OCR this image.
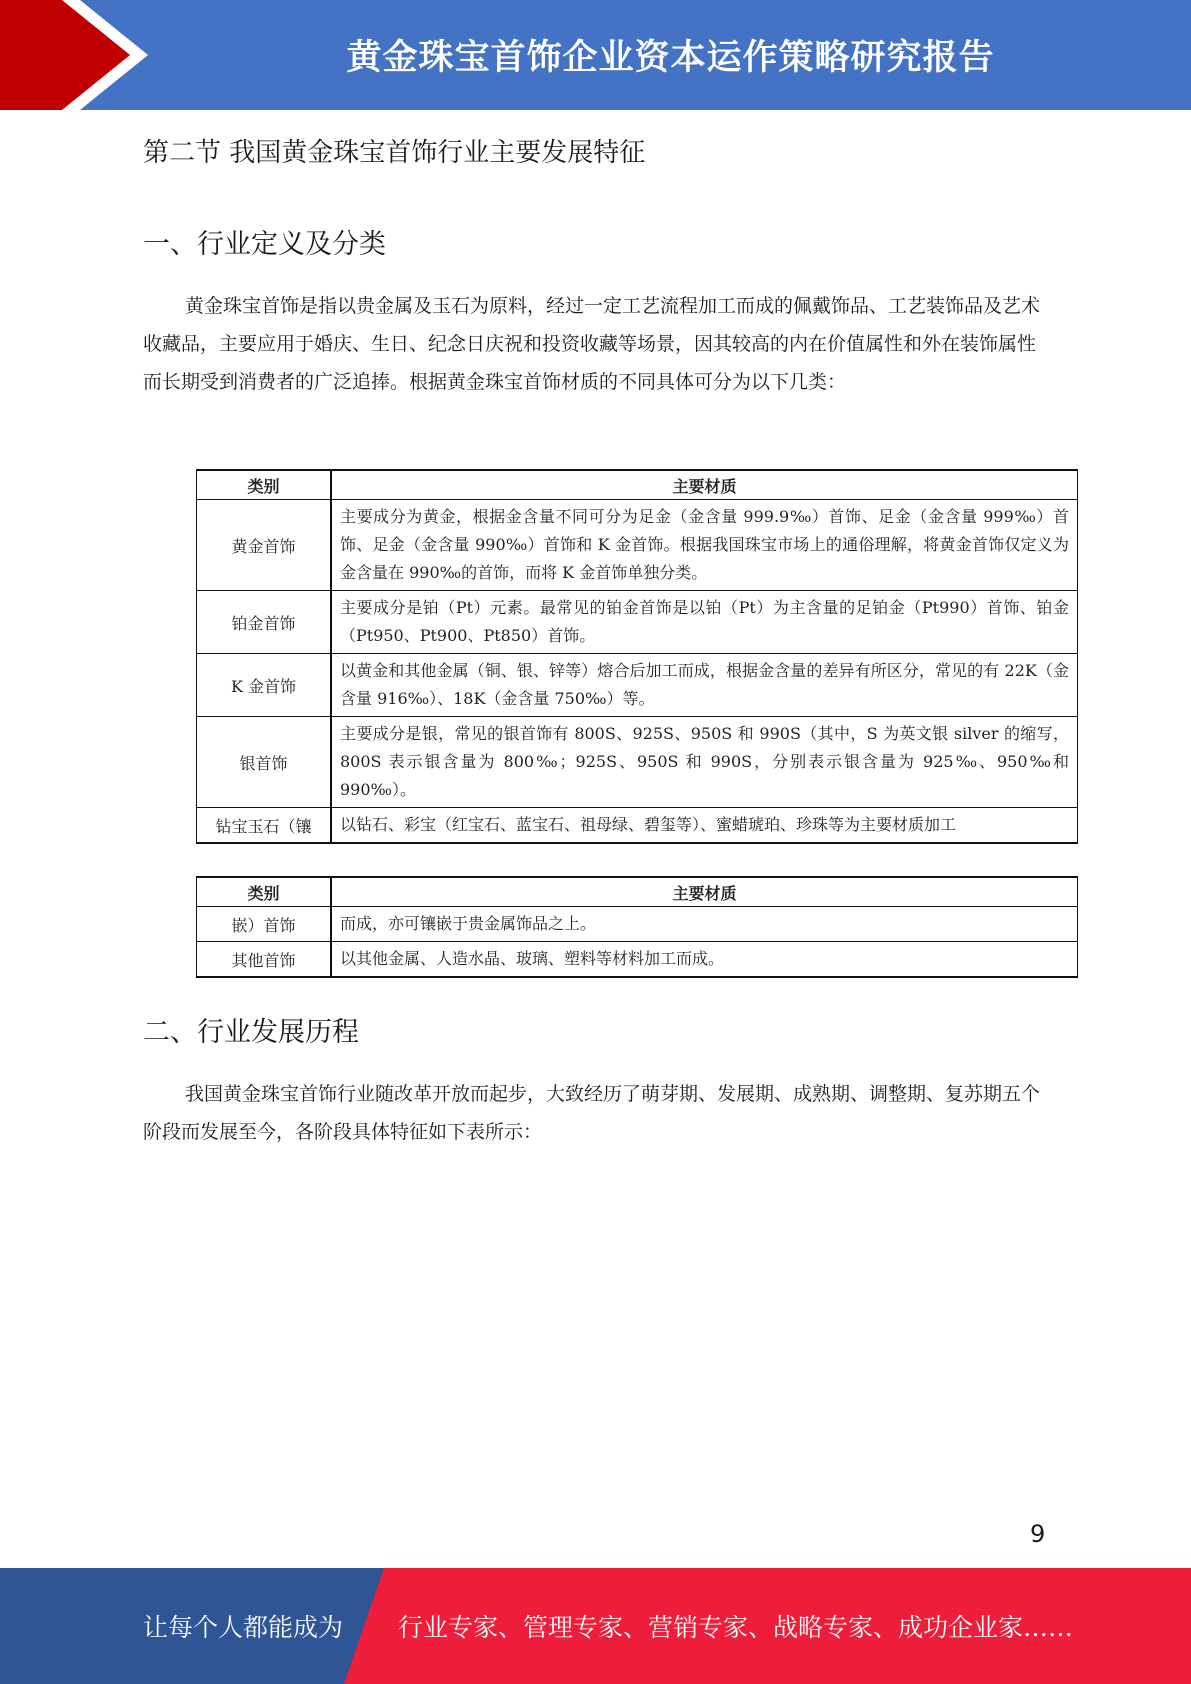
黄金珠宝首饰企业资本运作策略研究报告
第二节 我国黄金珠宝首饰行业主要发展特征
一、行业定义及分类

黄金珠宝首饰是指以贵金属及玉石为原料，经过一定工艺流程加工而成的佩戴饰品、工艺装饰品及艺术收藏品，主要应用于婚庆、生日、纪念日庆祝和投资收藏等场景，因其较高的内在价值属性和外在装饰属性而长期受到消费者的广泛追捧。根据黄金珠宝首饰材质的不同具体可分为以下几类：

类别	主要材质
黄金首饰	主要成分为黄金，根据金含量不同可分为足金（金含量 999.9‰）首饰、足金（金含量 999‰）首饰、足金（金含量 990‰）首饰和 K 金首饰。根据我国珠宝市场上的通俗理解，将黄金首饰仅定义为金含量在 990‰的首饰，而将 K 金首饰单独分类。
铂金首饰	主要成分是铂（Pt）元素。最常见的铂金首饰是以铂（Pt）为主含量的足铂金（Pt990）首饰、铂金（Pt950、Pt900、Pt850）首饰。
K 金首饰	以黄金和其他金属（铜、银、锌等）熔合后加工而成，根据金含量的差异有所区分，常见的有 22K（金含量 916‰）、18K（金含量 750‰）等。
银首饰	主要成分是银，常见的银首饰有 800S、925S、950S 和 990S（其中，S 为英文银 silver 的缩写，800S 表示银含量为 800‰；925S、950S 和 990S，分别表示银含量为 925‰、950‰和 990‰）。
钻宝玉石（镶	以钻石、彩宝（红宝石、蓝宝石、祖母绿、碧玺等）、蜜蜡琥珀、珍珠等为主要材质加工
类别	主要材质
嵌）首饰	而成，亦可镶嵌于贵金属饰品之上。
其他首饰	以其他金属、人造水晶、玻璃、塑料等材料加工而成。
二、行业发展历程

我国黄金珠宝首饰行业随改革开放而起步，大致经历了萌芽期、发展期、成熟期、调整期、复苏期五个阶段而发展至今，各阶段具体特征如下表所示：

9
让每个人都能成为 行业专家、管理专家、营销专家、战略专家、成功企业家……
